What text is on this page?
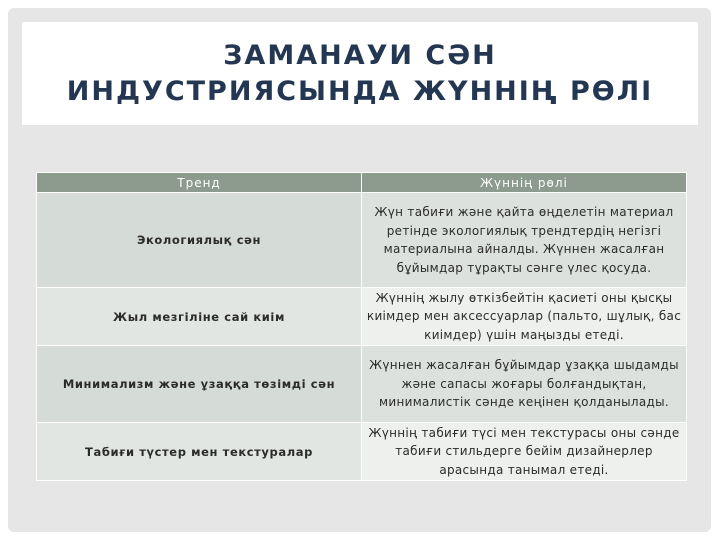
ЗАМАНАУИ СӘН
ИНДУСТРИЯСЫНДА ЖҮННІҢ РӨЛІ
Тренд	Жүннің рөлі
Экологиялық сән	Жүн табиғи және қайта өңделетін материал ретінде экологиялық трендтердің негізгі материалына айналды. Жүннен жасалған бұйымдар тұрақты сәнге үлес қосуда.
Жыл мезгіліне сай киім	Жүннің жылу өткізбейтін қасиеті оны қысқы киімдер мен аксессуарлар (пальто, шұлық, бас киімдер) үшін маңызды етеді.
Минимализм және ұзаққа төзімді сән	Жүннен жасалған бұйымдар ұзаққа шыдамды және сапасы жоғары болғандықтан, минималистік сәнде кеңінен қолданылады.
Табиғи түстер мен текстуралар	Жүннің табиғи түсі мен текстурасы оны сәнде табиғи стильдерге бейім дизайнерлер арасында танымал етеді.
